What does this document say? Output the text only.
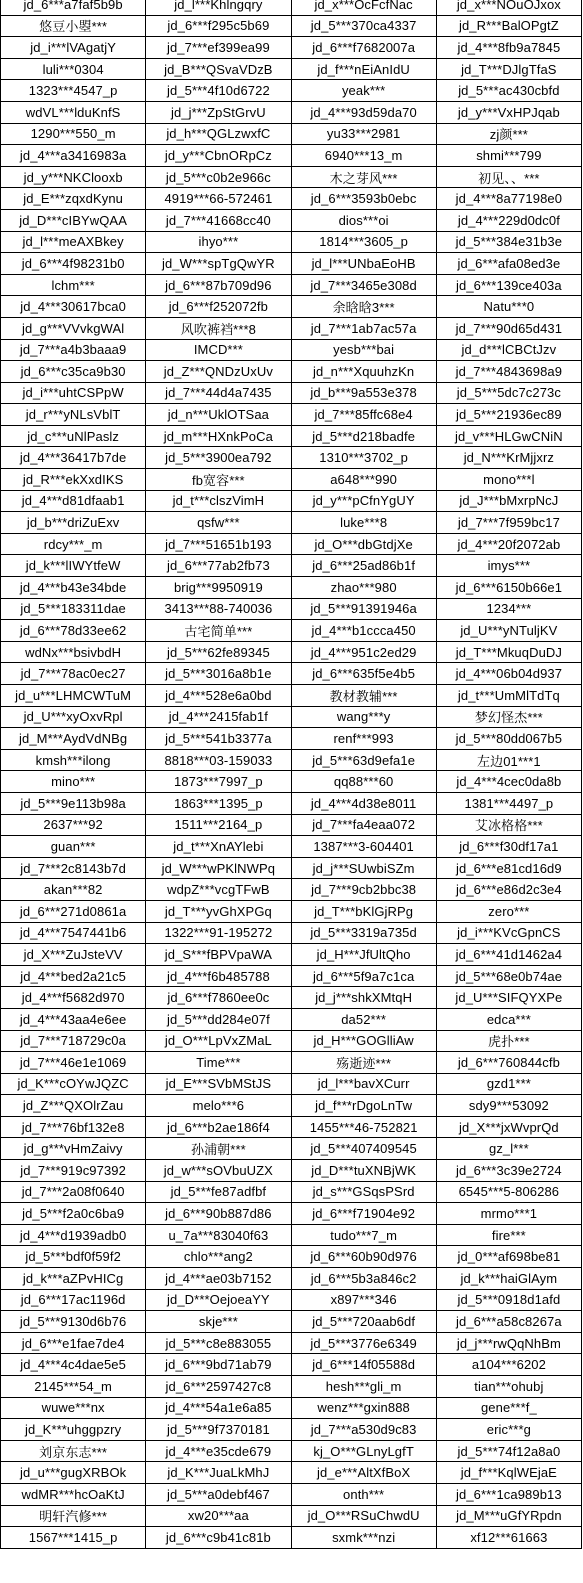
jd_6***a7faf5b9b	jd_l***Khlngqry	jd_x***OcFcfNac	jd_x***NOuOJxox
悠豆小曌***	jd_6***f295c5b69	jd_5***370ca4337	jd_R***BalOPgtZ
jd_i***lVAgatjY	jd_7***ef399ea99	jd_6***f7682007a	jd_4***8fb9a7845
luli***0304	jd_B***QSvaVDzB	jd_f***nEiAnIdU	jd_T***DJlgTfaS
1323***4547_p	jd_5***4f10d6722	yeak***	jd_5***ac430cbfd
wdVL***lduKnfS	jd_j***ZpStGrvU	jd_4***93d59da70	jd_y***VxHPJqab
1290***550_m	jd_h***QGLzwxfC	yu33***2981	zj颜***
jd_4***a3416983a	jd_y***CbnORpCz	6940***13_m	shmi***799
jd_y***NKClooxb	jd_5***c0b2e966c	木之芽风***	初见、、***
jd_E***zqxdKynu	4919***66-572461	jd_6***3593b0ebc	jd_4***8a77198e0
jd_D***cIBYwQAA	jd_7***41668cc40	dios***oi	jd_4***229d0dc0f
jd_l***meAXBkey	ihyo***	1814***3605_p	jd_5***384e31b3e
jd_6***4f98231b0	jd_W***spTgQwYR	jd_l***UNbaEoHB	jd_6***afa08ed3e
lchm***	jd_6***87b709d96	jd_7***3465e308d	jd_6***139ce403a
jd_4***30617bca0	jd_6***f252072fb	余晗晗3***	Natu***0
jd_g***VVvkgWAl	风吹裤裆***8	jd_7***1ab7ac57a	jd_7***90d65d431
jd_7***a4b3baaa9	IMCD***	yesb***bai	jd_d***lCBCtJzv
jd_6***c35ca9b30	jd_Z***QNDzUxUv	jd_n***XquuhzKn	jd_7***4843698a9
jd_i***uhtCSPpW	jd_7***44d4a7435	jd_b***9a553e378	jd_5***5dc7c273c
jd_r***yNLsVblT	jd_n***UklOTSaa	jd_7***85ffc68e4	jd_5***21936ec89
jd_c***uNlPaslz	jd_m***HXnkPoCa	jd_5***d218badfe	jd_v***HLGwCNiN
jd_4***36417b7de	jd_5***3900ea792	1310***3702_p	jd_N***KrMjjxrz
jd_R***ekXxdIKS	fb宽容***	a648***990	mono***l
jd_4***d81dfaab1	jd_t***clszVimH	jd_y***pCfnYgUY	jd_J***bMxrpNcJ
jd_b***driZuExv	qsfw***	luke***8	jd_7***7f959bc17
rdcy***_m	jd_7***51651b193	jd_O***dbGtdjXe	jd_4***20f2072ab
jd_k***lIWYtfeW	jd_6***77ab2fb73	jd_6***25ad86b1f	imys***
jd_4***b43e34bde	brig***9950919	zhao***980	jd_6***6150b66e1
jd_5***183311dae	3413***88-740036	jd_5***91391946a	1234***
jd_6***78d33ee62	古宅简单***	jd_4***b1ccca450	jd_U***yNTuljKV
wdNx***bsivbdH	jd_5***62fe89345	jd_4***951c2ed29	jd_T***MkuqDuDJ
jd_7***78ac0ec27	jd_5***3016a8b1e	jd_6***635f5e4b5	jd_4***06b04d937
jd_u***LHMCWTuM	jd_4***528e6a0bd	教材教辅***	jd_t***UmMlTdTq
jd_U***xyOxvRpl	jd_4***2415fab1f	wang***y	梦幻怪杰***
jd_M***AydVdNBg	jd_5***541b3377a	renf***993	jd_5***80dd067b5
kmsh***ilong	8818***03-159033	jd_5***63d9efa1e	左边01***1
mino***	1873***7997_p	qq88***60	jd_4***4cec0da8b
jd_5***9e113b98a	1863***1395_p	jd_4***4d38e8011	1381***4497_p
2637***92	1511***2164_p	jd_7***fa4eaa072	艾冰格格***
guan***	jd_t***XnAYlebi	1387***3-604401	jd_6***f30df17a1
jd_7***2c8143b7d	jd_W***wPKlNWPq	jd_j***SUwbiSZm	jd_6***e81cd16d9
akan***82	wdpZ***vcgTFwB	jd_7***9cb2bbc38	jd_6***e86d2c3e4
jd_6***271d0861a	jd_T***yvGhXPGq	jd_T***bKlGjRPg	zero***
jd_4***7547441b6	1322***91-195272	jd_5***3319a735d	jd_i***KVcGpnCS
jd_X***ZuJsteVV	jd_S***fBPVpaWA	jd_H***JfUltQho	jd_6***41d1462a4
jd_4***bed2a21c5	jd_4***f6b485788	jd_6***5f9a7c1ca	jd_5***68e0b74ae
jd_4***f5682d970	jd_6***f7860ee0c	jd_j***shkXMtqH	jd_U***SIFQYXPe
jd_4***43aa4e6ee	jd_5***dd284e07f	da52***	edca***
jd_7***718729c0a	jd_O***LpVxZMaL	jd_H***GOGlliAw	虎扑***
jd_7***46e1e1069	Time***	殇逝迹***	jd_6***760844cfb
jd_K***cOYwJQZC	jd_E***SVbMStJS	jd_l***bavXCurr	gzd1***
jd_Z***QXOlrZau	melo***6	jd_f***rDgoLnTw	sdy9***53092
jd_7***76bf132e8	jd_6***b2ae186f4	1455***46-752821	jd_X***jxWvprQd
jd_g***vHmZaivy	孙浦朝***	jd_5***407409545	gz_l***
jd_7***919c97392	jd_w***sOVbuUZX	jd_D***tuXNBjWK	jd_6***3c39e2724
jd_7***2a08f0640	jd_5***fe87adfbf	jd_s***GSqsPSrd	6545***5-806286
jd_5***f2a0c6ba9	jd_6***90b887d86	jd_6***f71904e92	mrmo***1
jd_4***d1939adb0	u_7a***83040f63	tudo***7_m	fire***
jd_5***bdf0f59f2	chlo***ang2	jd_6***60b90d976	jd_0***af698be81
jd_k***aZPvHICg	jd_4***ae03b7152	jd_6***5b3a846c2	jd_k***haiGlAym
jd_6***17ac1196d	jd_D***OejoeaYY	x897***346	jd_5***0918d1afd
jd_5***9130d6b76	skje***	jd_5***720aab6df	jd_6***a58c8267a
jd_6***e1fae7de4	jd_5***c8e883055	jd_5***3776e6349	jd_j***rwQqNhBm
jd_4***4c4dae5e5	jd_6***9bd71ab79	jd_6***14f05588d	a104***6202
2145***54_m	jd_6***2597427c8	hesh***gli_m	tian***ohubj
wuwe***nx	jd_4***54a1e6a85	wenz***gxin888	gene***f_
jd_K***uhggpzry	jd_5***9f7370181	jd_7***a530d9c83	eric***g
刘京东志***	jd_4***e35cde679	kj_O***GLnyLgfT	jd_5***74f12a8a0
jd_u***gugXRBOk	jd_K***JuaLkMhJ	jd_e***AltXfBoX	jd_f***KqlWEjaE
wdMR***hcOaKtJ	jd_5***a0debf467	onth***	jd_6***1ca989b13
明轩汽修***	xw20***aa	jd_O***RSuChwdU	jd_M***uGfYRpdn
1567***1415_p	jd_6***c9b41c81b	sxmk***nzi	xf12***61663
